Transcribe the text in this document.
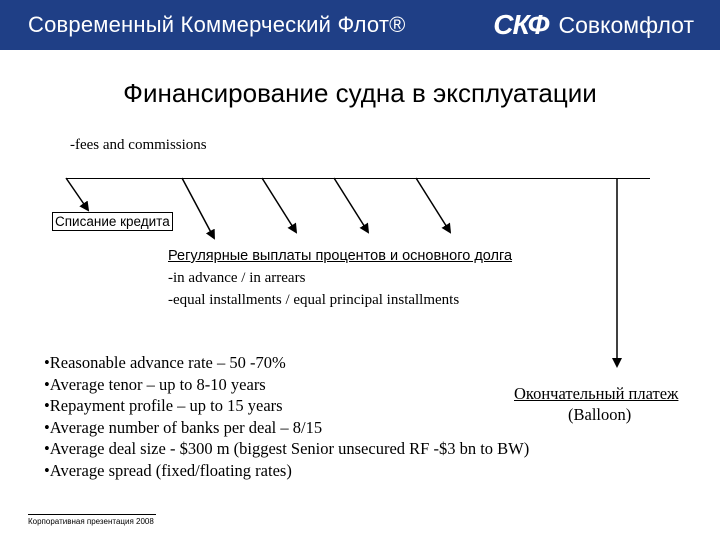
Современный Коммерческий Флот®	СКФ Совкомфлот
Финансирование судна в эксплуатации
-fees and commissions
Списание кредита
Регулярные выплаты процентов и основного долга
-in advance / in arrears
-equal installments / equal principal installments
• Reasonable advance rate – 50 -70%
• Average tenor – up to 8-10 years
• Repayment profile – up to 15 years
• Average number of banks per deal – 8/15
• Average deal size - $300 m (biggest Senior unsecured RF -$3 bn to BW)
• Average spread (fixed/floating rates)
Окончательный платеж
(Balloon)
Корпоративная презентация 2008
